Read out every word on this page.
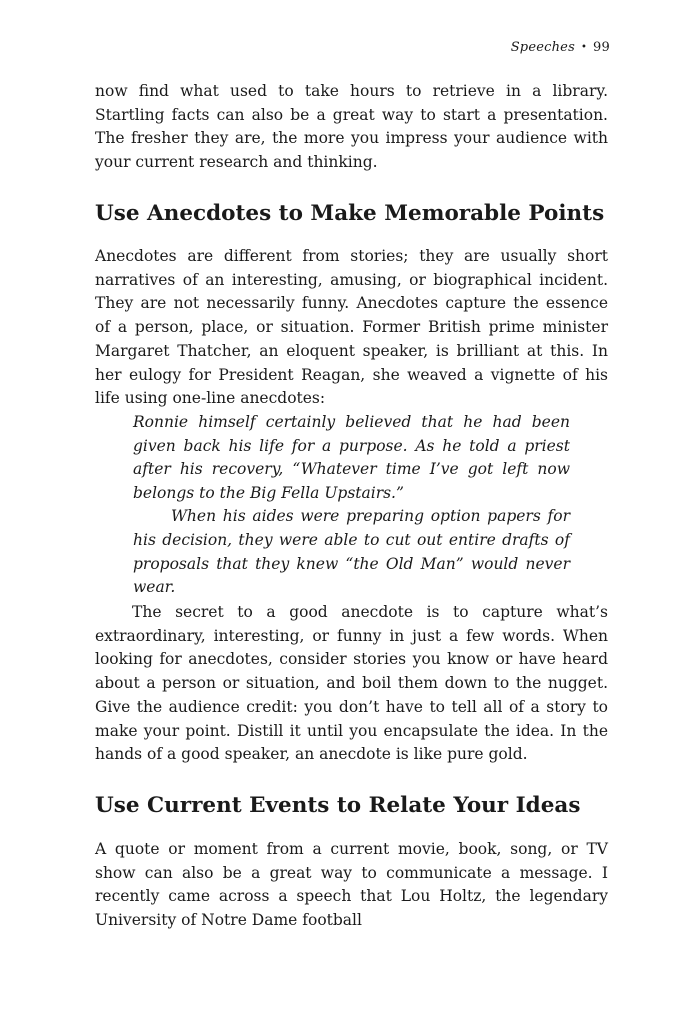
Speeches • 99

now find what used to take hours to retrieve in a library. Startling facts can also be a great way to start a presentation. The fresher they are, the more you impress your audience with your current research and thinking.

Use Anecdotes to Make Memorable Points

Anecdotes are different from stories; they are usually short narratives of an interesting, amusing, or biographical incident. They are not necessarily funny. Anecdotes capture the essence of a person, place, or situation. Former British prime minister Margaret Thatcher, an eloquent speaker, is brilliant at this. In her eulogy for President Reagan, she weaved a vignette of his life using one-line anecdotes:

Ronnie himself certainly believed that he had been given back his life for a purpose. As he told a priest after his recovery, “Whatever time I’ve got left now belongs to the Big Fella Upstairs.”

When his aides were preparing option papers for his decision, they were able to cut out entire drafts of proposals that they knew “the Old Man” would never wear.

The secret to a good anecdote is to capture what’s extraordinary, interesting, or funny in just a few words. When looking for anecdotes, consider stories you know or have heard about a person or situation, and boil them down to the nugget. Give the audience credit: you don’t have to tell all of a story to make your point. Distill it until you encapsulate the idea. In the hands of a good speaker, an anecdote is like pure gold.

Use Current Events to Relate Your Ideas

A quote or moment from a current movie, book, song, or TV show can also be a great way to communicate a message. I recently came across a speech that Lou Holtz, the legendary University of Notre Dame football
